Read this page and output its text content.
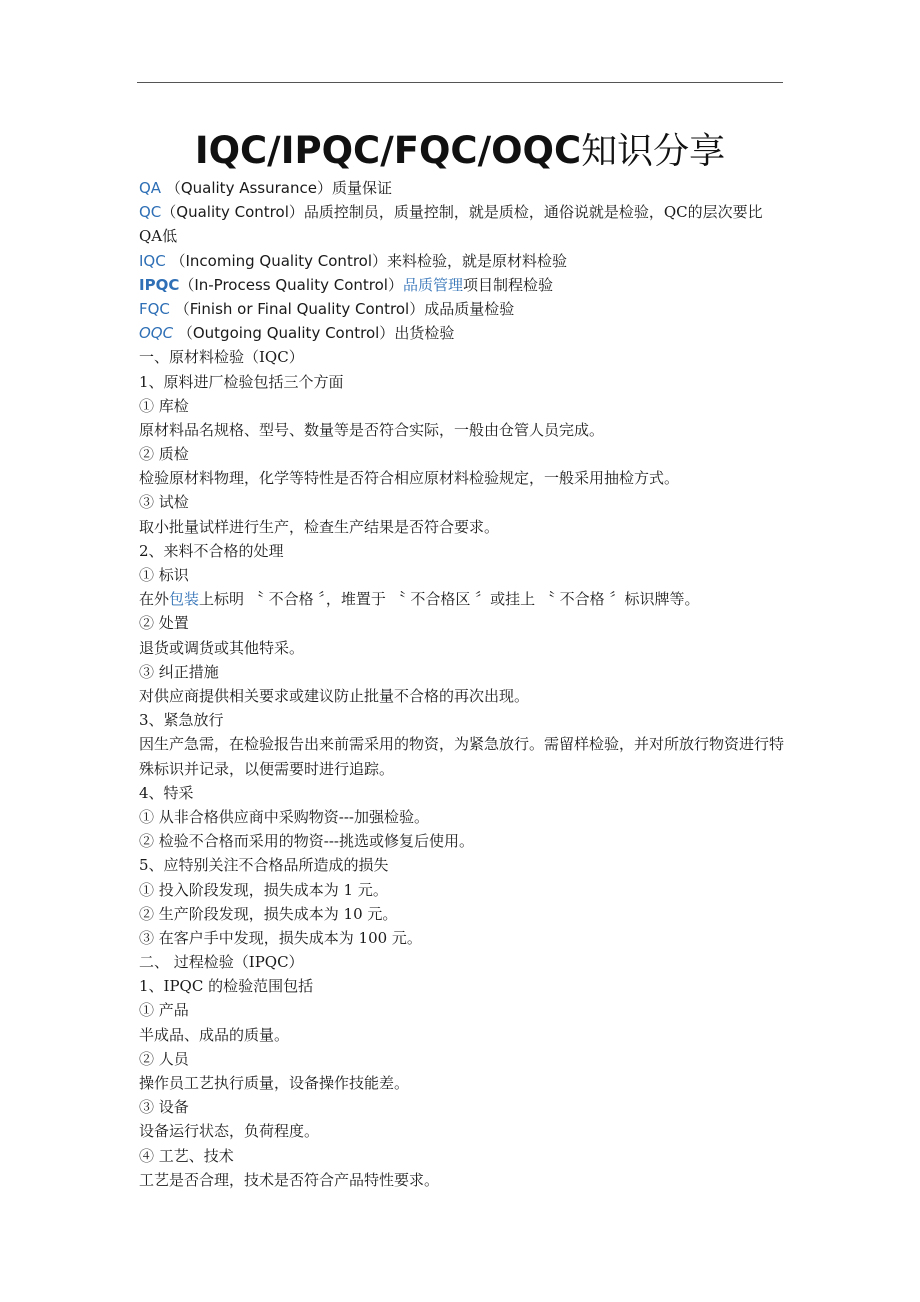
IQC/IPQC/FQC/OQC知识分享
QA （Quality Assurance）质量保证
QC（Quality Control）品质控制员，质量控制，就是质检，通俗说就是检验，QC的层次要比QA低
IQC （Incoming Quality Control）来料检验，就是原材料检验
IPQC（In-Process Quality Control）品质管理项目制程检验
FQC （Finish or Final Quality Control）成品质量检验
OQC （Outgoing Quality Control）出货检验
一、原材料检验（IQC）
1、原料进厂检验包括三个方面
① 库检
原材料品名规格、型号、数量等是否符合实际，一般由仓管人员完成。
② 质检
检验原材料物理，化学等特性是否符合相应原材料检验规定，一般采用抽检方式。
③ 试检
取小批量试样进行生产，检查生产结果是否符合要求。
2、来料不合格的处理
① 标识
在外包装上标明 〝 不合格 〞，堆置于 〝 不合格区 〞或挂上 〝 不合格 〞标识牌等。
② 处置
退货或调货或其他特采。
③ 纠正措施
对供应商提供相关要求或建议防止批量不合格的再次出现。
3、紧急放行
因生产急需，在检验报告出来前需采用的物资，为紧急放行。需留样检验，并对所放行物资进行特殊标识并记录，以便需要时进行追踪。
4、特采
① 从非合格供应商中采购物资---加强检验。
② 检验不合格而采用的物资---挑选或修复后使用。
5、应特别关注不合格品所造成的损失
① 投入阶段发现，损失成本为 1 元。
② 生产阶段发现，损失成本为 10 元。
③ 在客户手中发现，损失成本为 100 元。
二、 过程检验（IPQC）
1、IPQC 的检验范围包括
① 产品
半成品、成品的质量。
② 人员
操作员工艺执行质量，设备操作技能差。
③ 设备
设备运行状态，负荷程度。
④ 工艺、技术
工艺是否合理，技术是否符合产品特性要求。
